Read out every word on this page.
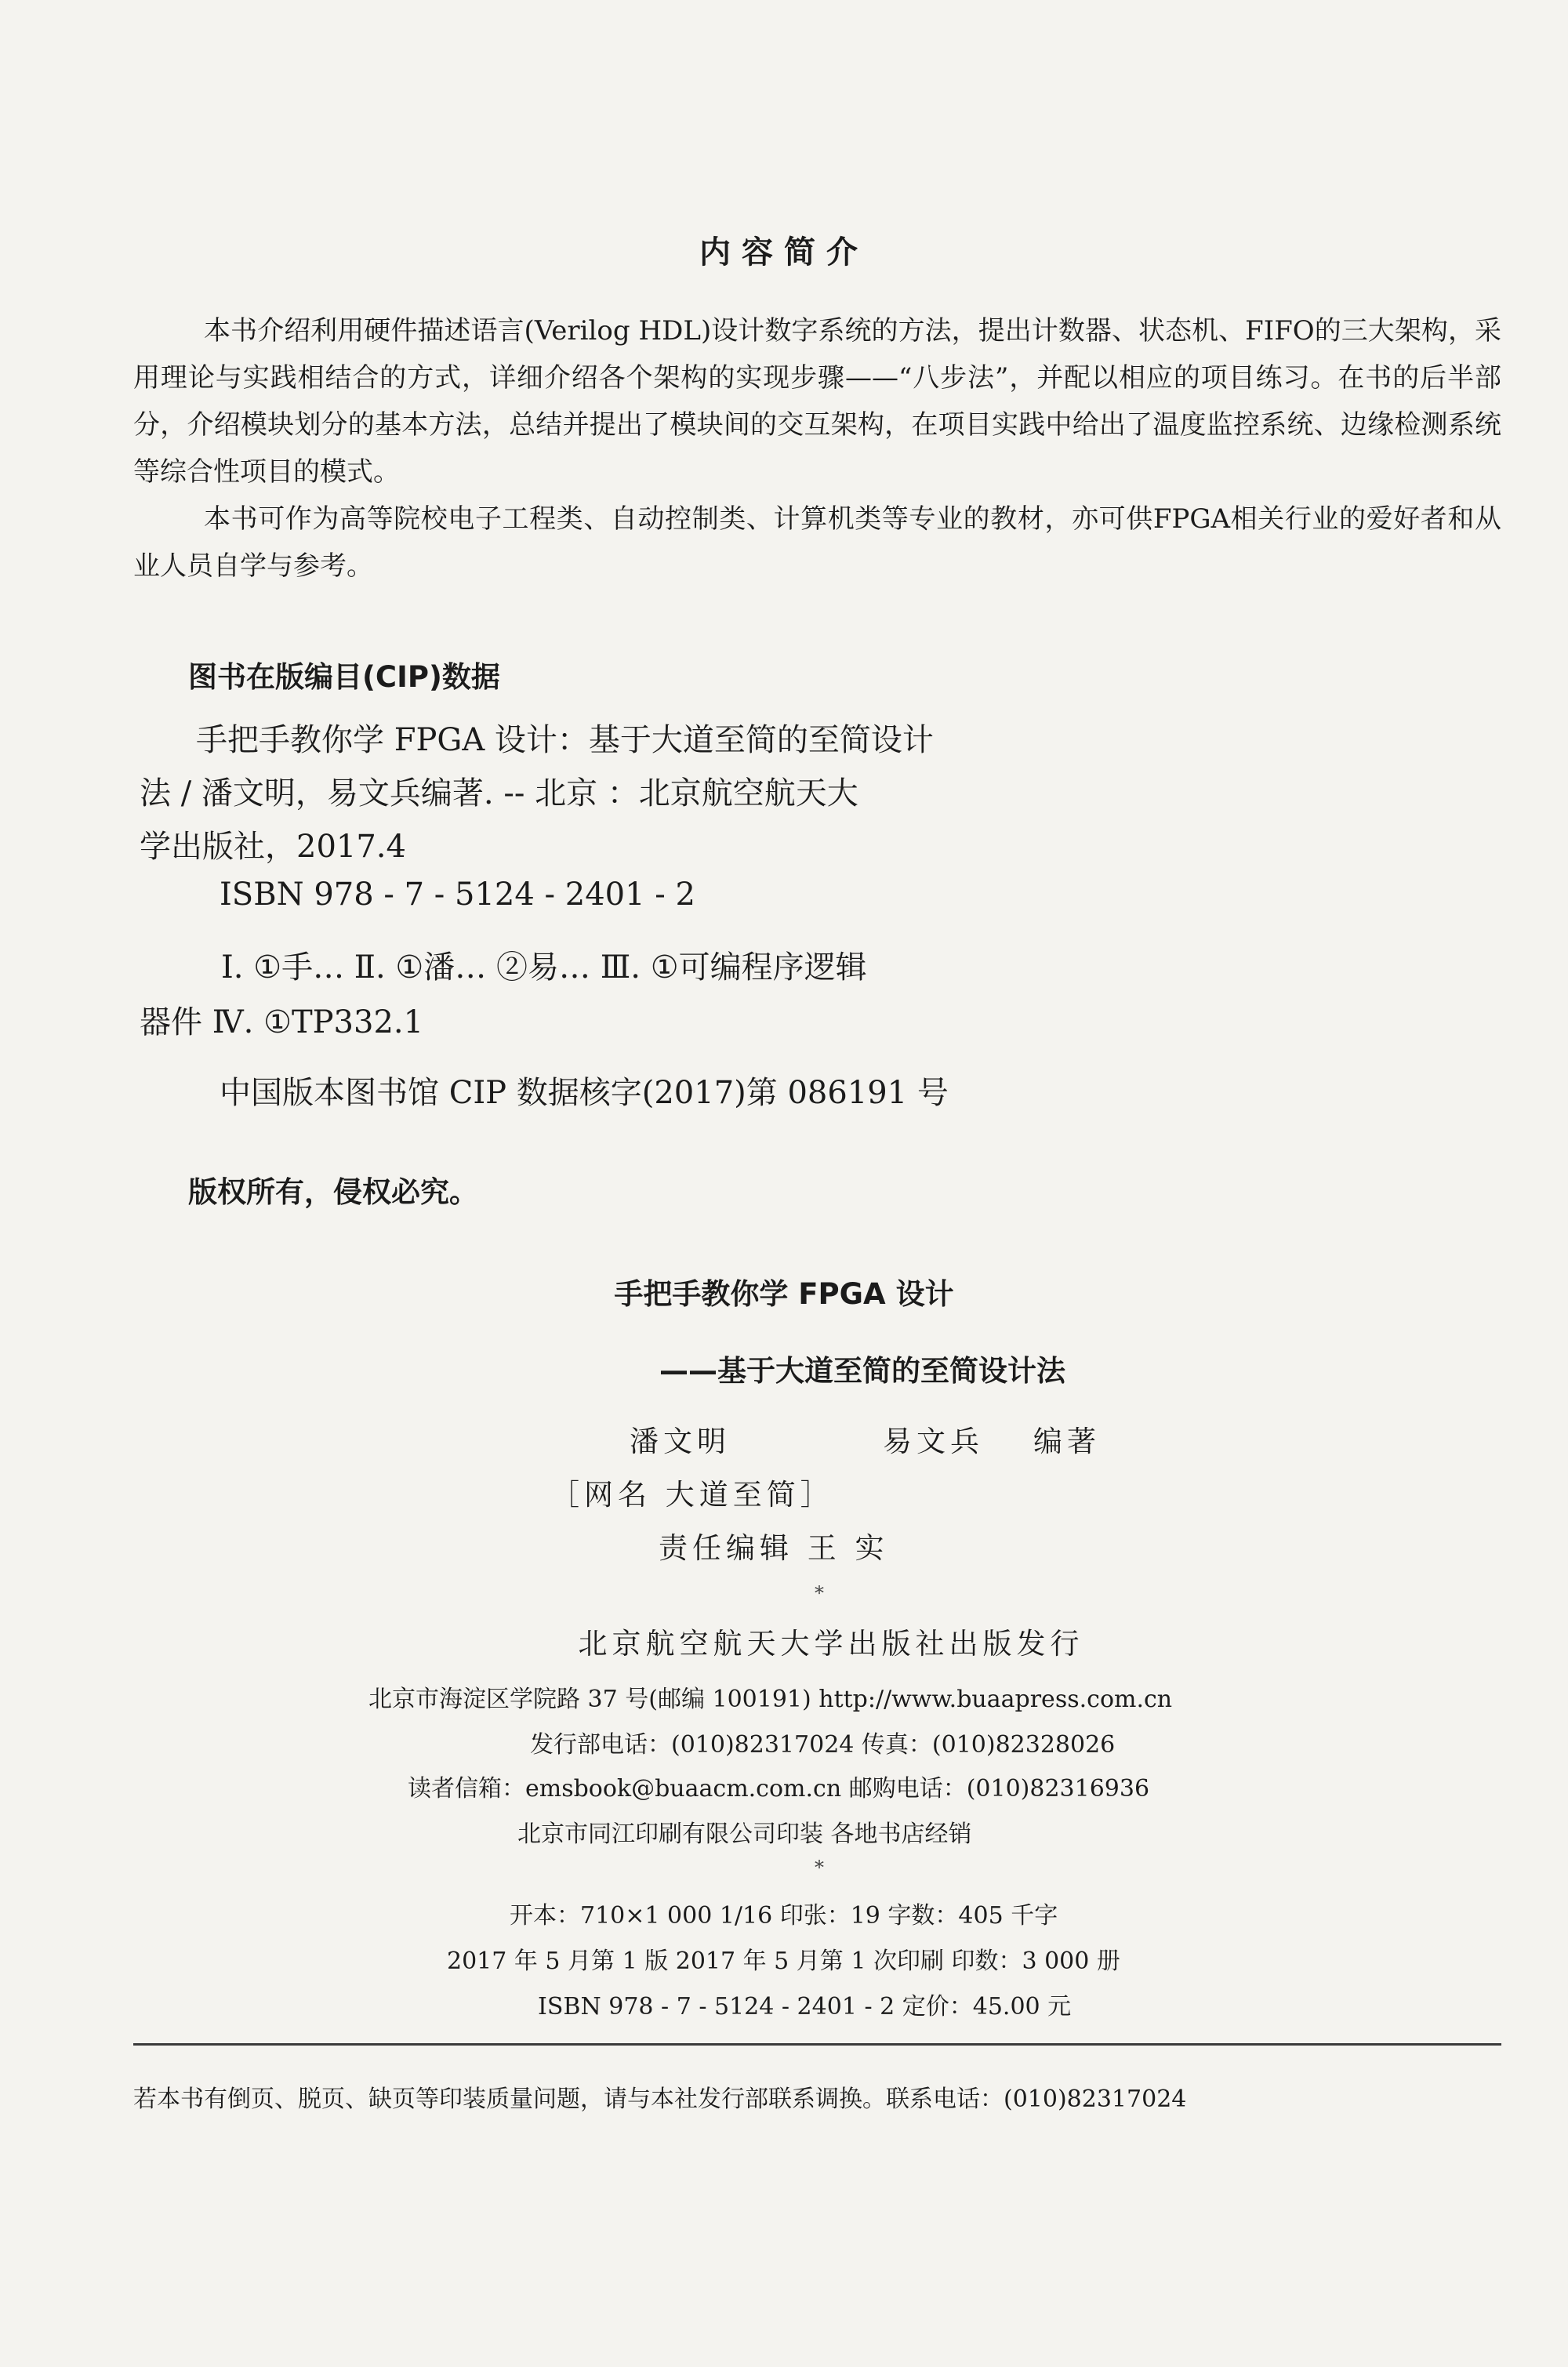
内容简介

本书介绍利用硬件描述语言(Verilog HDL)设计数字系统的方法，提出计数器、状态机、FIFO的三大架构，采用理论与实践相结合的方式，详细介绍各个架构的实现步骤——“八步法”，并配以相应的项目练习。在书的后半部分，介绍模块划分的基本方法，总结并提出了模块间的交互架构，在项目实践中给出了温度监控系统、边缘检测系统等综合性项目的模式。

本书可作为高等院校电子工程类、自动控制类、计算机类等专业的教材，亦可供FPGA相关行业的爱好者和从业人员自学与参考。

图书在版编目(CIP)数据
手把手教你学 FPGA 设计：基于大道至简的至简设计
法 / 潘文明，易文兵编著. -- 北京 ：北京航空航天大
学出版社，2017.4
ISBN 978 - 7 - 5124 - 2401 - 2
Ⅰ. ①手… Ⅱ. ①潘… ②易… Ⅲ. ①可编程序逻辑
器件 Ⅳ. ①TP332.1
中国版本图书馆 CIP 数据核字(2017)第 086191 号
版权所有，侵权必究。
手把手教你学 FPGA 设计
——基于大道至简的至简设计法
潘文明	易文兵 编著
［网名 大道至简］
责任编辑 王 实
*
北京航空航天大学出版社出版发行
北京市海淀区学院路 37 号(邮编 100191) http://www.buaapress.com.cn
发行部电话：(010)82317024 传真：(010)82328026
读者信箱：emsbook@buaacm.com.cn 邮购电话：(010)82316936
北京市同江印刷有限公司印装 各地书店经销
*
开本：710×1 000 1/16 印张：19 字数：405 千字
2017 年 5 月第 1 版 2017 年 5 月第 1 次印刷 印数：3 000 册
ISBN 978 - 7 - 5124 - 2401 - 2 定价：45.00 元
若本书有倒页、脱页、缺页等印装质量问题，请与本社发行部联系调换。联系电话：(010)82317024
